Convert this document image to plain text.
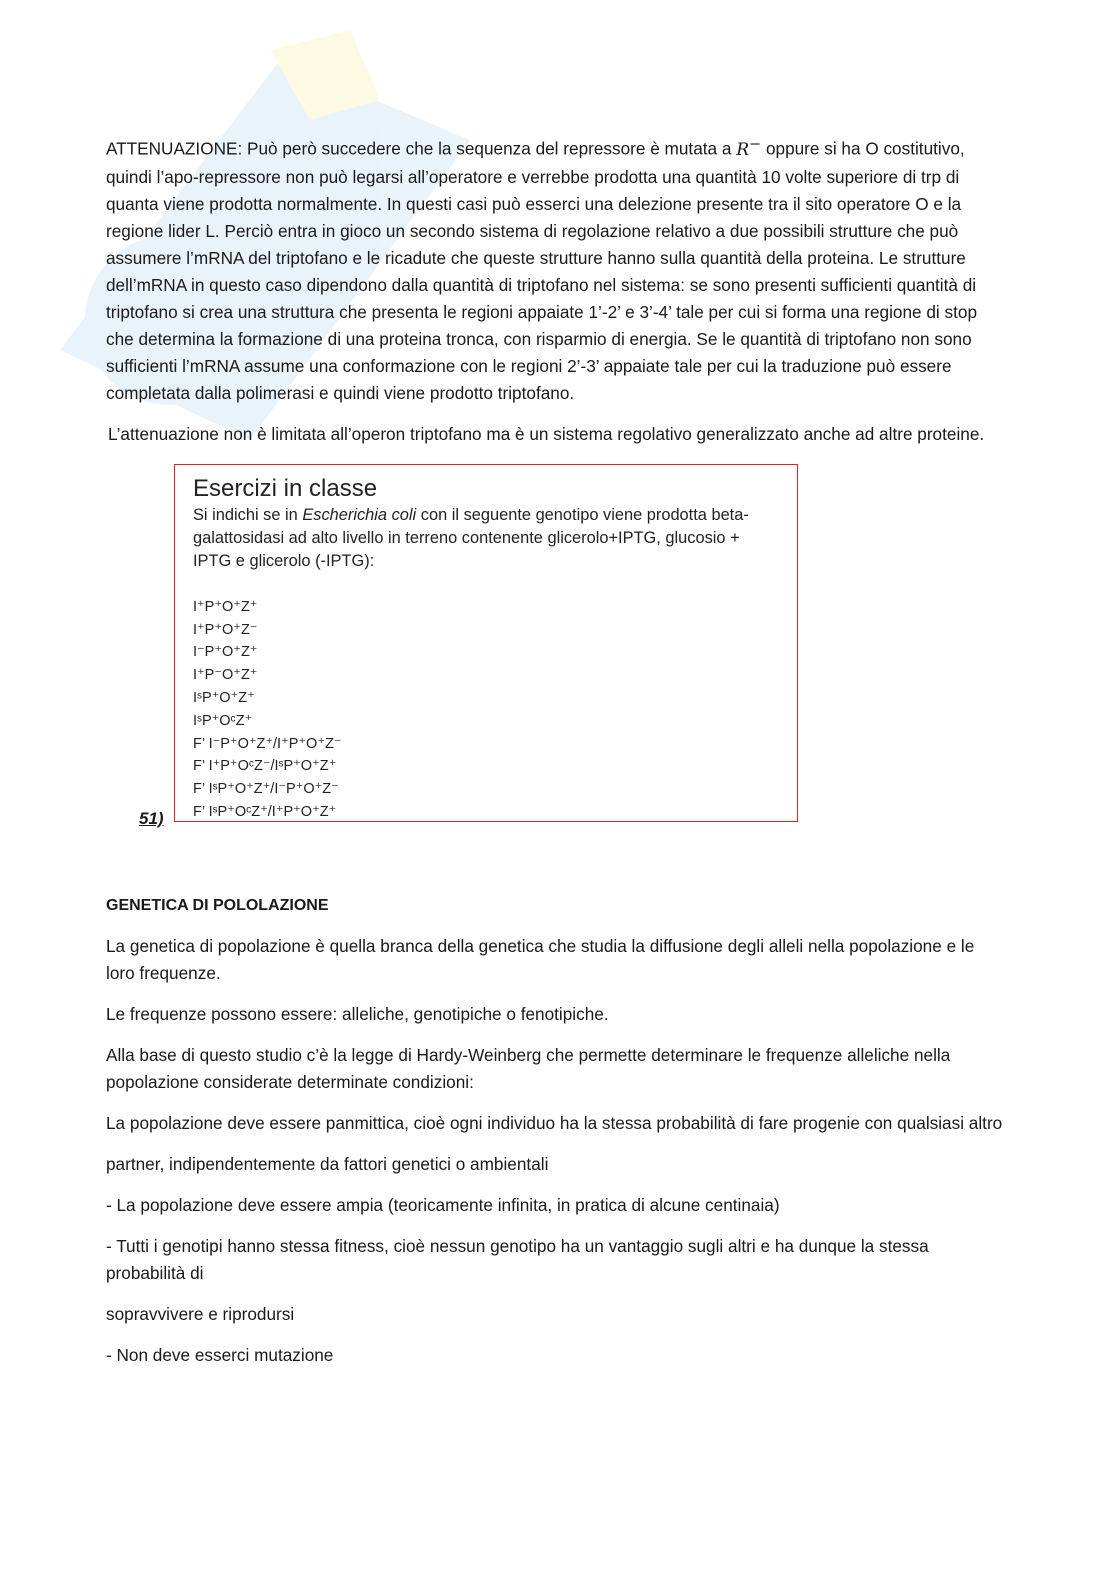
ATTENUAZIONE: Può però succedere che la sequenza del repressore è mutata a R− oppure si ha O costitutivo, quindi l’apo-repressore non può legarsi all’operatore e verrebbe prodotta una quantità 10 volte superiore di trp di quanta viene prodotta normalmente. In questi casi può esserci una delezione presente tra il sito operatore O e la regione lider L. Perciò entra in gioco un secondo sistema di regolazione relativo a due possibili strutture che può assumere l’mRNA del triptofano e le ricadute che queste strutture hanno sulla quantità della proteina. Le strutture dell’mRNA in questo caso dipendono dalla quantità di triptofano nel sistema: se sono presenti sufficienti quantità di triptofano si crea una struttura che presenta le regioni appaiate 1’-2’ e 3’-4’ tale per cui si forma una regione di stop che determina la formazione di una proteina tronca, con risparmio di energia. Se le quantità di triptofano non sono sufficienti l’mRNA assume una conformazione con le regioni 2’-3’ appaiate tale per cui la traduzione può essere completata dalla polimerasi e quindi viene prodotto triptofano.

L’attenuazione non è limitata all’operon triptofano ma è un sistema regolativo generalizzato anche ad altre proteine.

51)
Esercizi in classe
Si indichi se in Escherichia coli con il seguente genotipo viene prodotta beta-galattosidasi ad alto livello in terreno contenente glicerolo+IPTG, glucosio + IPTG e glicerolo (-IPTG):
I⁺P⁺O⁺Z⁺
I⁺P⁺O⁺Z⁻
I⁻P⁺O⁺Z⁺
I⁺P⁻O⁺Z⁺
IˢP⁺O⁺Z⁺
IˢP⁺OᶜZ⁺
F’ I⁻P⁺O⁺Z⁺/I⁺P⁺O⁺Z⁻
F’ I⁺P⁺OᶜZ⁻/IˢP⁺O⁺Z⁺
F’ IˢP⁺O⁺Z⁺/I⁻P⁺O⁺Z⁻
F’ IˢP⁺OᶜZ⁺/I⁺P⁺O⁺Z⁺

GENETICA DI POLOLAZIONE

La genetica di popolazione è quella branca della genetica che studia la diffusione degli alleli nella popolazione e le loro frequenze.

Le frequenze possono essere: alleliche, genotipiche o fenotipiche.

Alla base di questo studio c’è la legge di Hardy-Weinberg che permette determinare le frequenze alleliche nella popolazione considerate determinate condizioni:

La popolazione deve essere panmittica, cioè ogni individuo ha la stessa probabilità di fare progenie con qualsiasi altro

partner, indipendentemente da fattori genetici o ambientali

- La popolazione deve essere ampia (teoricamente infinita, in pratica di alcune centinaia)

- Tutti i genotipi hanno stessa fitness, cioè nessun genotipo ha un vantaggio sugli altri e ha dunque la stessa probabilità di

sopravvivere e riprodursi

- Non deve esserci mutazione
